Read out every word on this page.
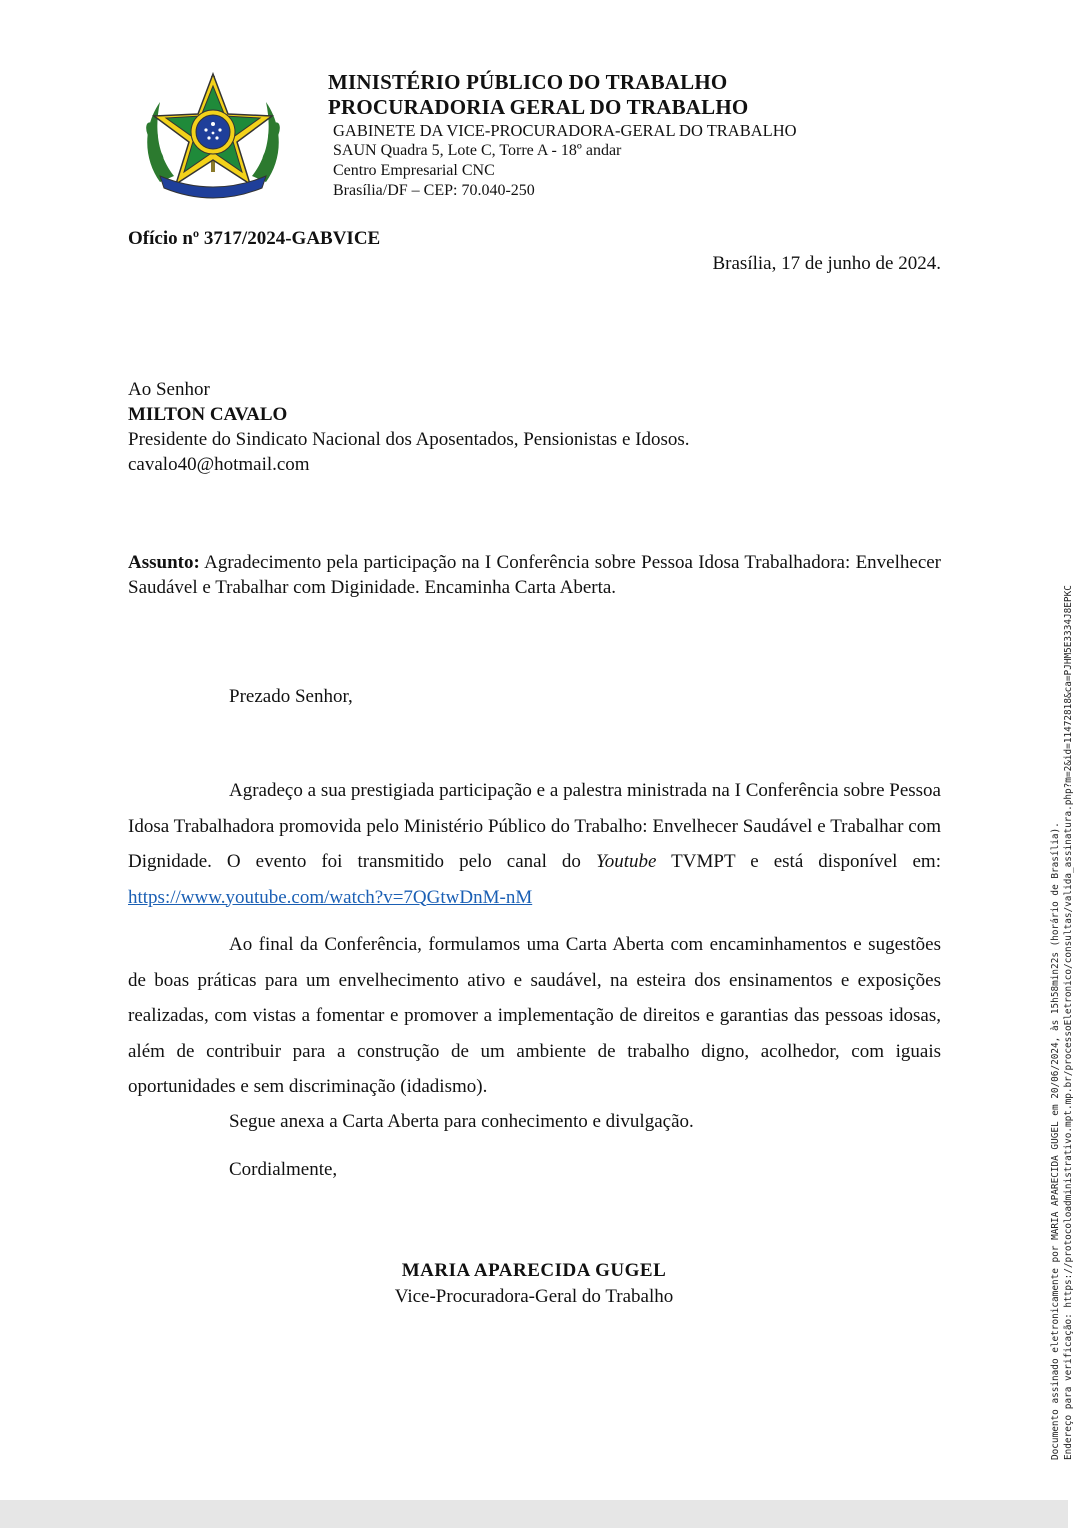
MINISTÉRIO PÚBLICO DO TRABALHO
PROCURADORIA GERAL DO TRABALHO
GABINETE DA VICE-PROCURADORA-GERAL DO TRABALHO
SAUN Quadra 5, Lote C, Torre A - 18º andar
Centro Empresarial CNC
Brasília/DF – CEP: 70.040-250
Ofício nº 3717/2024-GABVICE
Brasília, 17 de junho de 2024.
Ao Senhor
MILTON CAVALO
Presidente do Sindicato Nacional dos Aposentados, Pensionistas e Idosos.
cavalo40@hotmail.com
Assunto: Agradecimento pela participação na I Conferência sobre Pessoa Idosa Trabalhadora: Envelhecer Saudável e Trabalhar com Diginidade. Encaminha Carta Aberta.
Prezado Senhor,

Agradeço a sua prestigiada participação e a palestra ministrada na I Conferência sobre Pessoa Idosa Trabalhadora promovida pelo Ministério Público do Trabalho: Envelhecer Saudável e Trabalhar com Dignidade. O evento foi transmitido pelo canal do Youtube TVMPT e está disponível em: https://www.youtube.com/watch?v=7QGtwDnM-nM

Ao final da Conferência, formulamos uma Carta Aberta com encaminhamentos e sugestões de boas práticas para um envelhecimento ativo e saudável, na esteira dos ensinamentos e exposições realizadas, com vistas a fomentar e promover a implementação de direitos e garantias das pessoas idosas, além de contribuir para a construção de um ambiente de trabalho digno, acolhedor, com iguais oportunidades e sem discriminação (idadismo).

Segue anexa a Carta Aberta para conhecimento e divulgação.
Cordialmente,
MARIA APARECIDA GUGEL
Vice-Procuradora-Geral do Trabalho	Documento assinado eletronicamente por MARIA APARECIDA GUGEL em 20/06/2024, às 15h58min22s (horário de Brasília). Endereço para verificação: https://protocoloadministrativo.mpt.mp.br/processoEletronico/consultas/valida_assinatura.php?m=2&id=11472818&ca=PJHM5E3334J8EPKC
